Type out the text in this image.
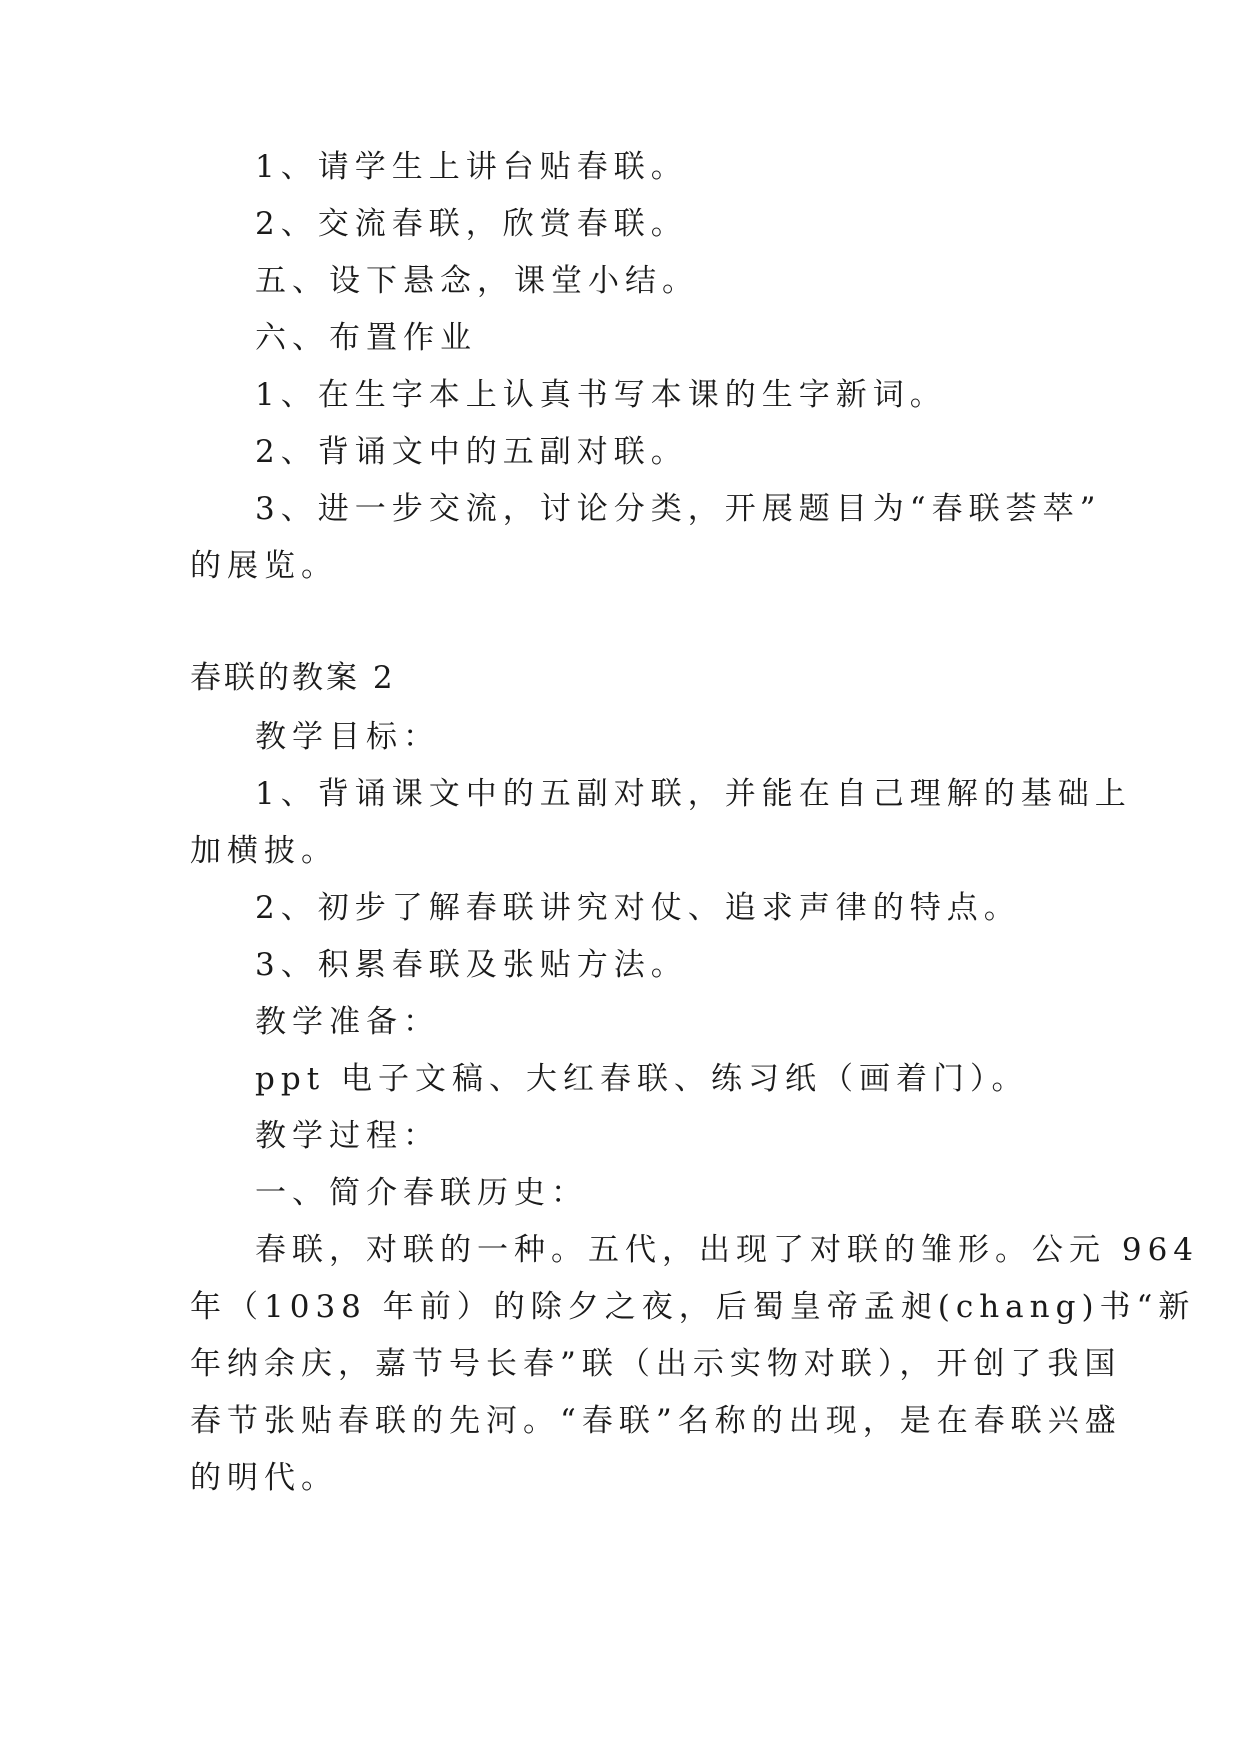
1、请学生上讲台贴春联。
2、交流春联，欣赏春联。
五、设下悬念，课堂小结。
六、布置作业
1、在生字本上认真书写本课的生字新词。
2、背诵文中的五副对联。
3、进一步交流，讨论分类，开展题目为“春联荟萃”
的展览。
春联的教案 2
教学目标：
1、背诵课文中的五副对联，并能在自己理解的基础上
加横披。
2、初步了解春联讲究对仗、追求声律的特点。
3、积累春联及张贴方法。
教学准备：
ppt 电子文稿、大红春联、练习纸（画着门）。
教学过程：
一、简介春联历史：
春联，对联的一种。五代，出现了对联的雏形。公元 964
年（1038 年前）的除夕之夜，后蜀皇帝孟昶(chang)书“新
年纳余庆，嘉节号长春”联（出示实物对联），开创了我国
春节张贴春联的先河。“春联”名称的出现，是在春联兴盛
的明代。
